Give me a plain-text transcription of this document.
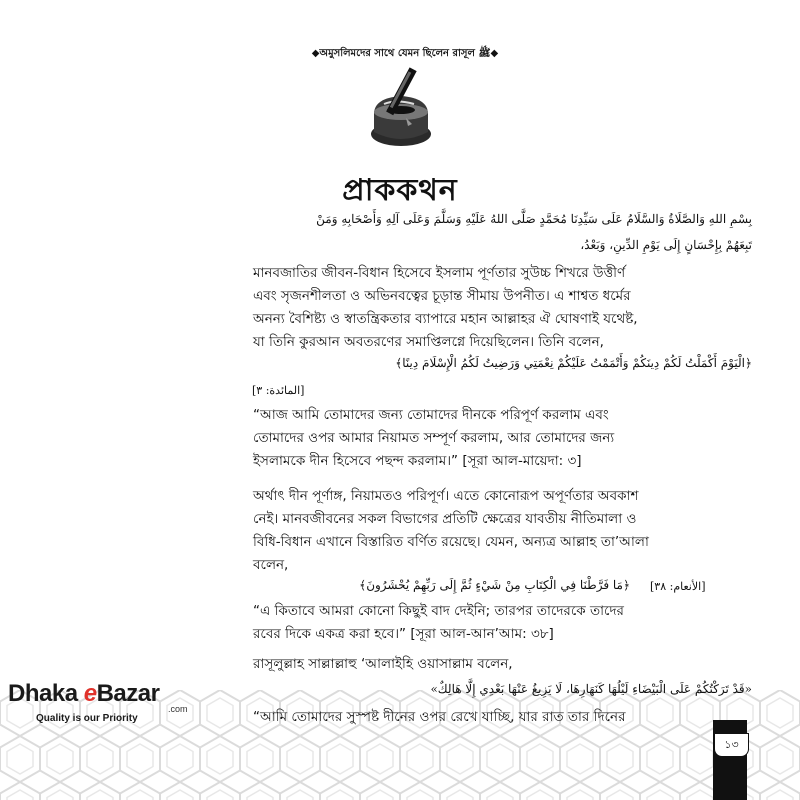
◆অমুসলিমদের সাথে যেমন ছিলেন রাসূল ﷺ◆
প্রাককথন
بِسْمِ اللهِ وَالصَّلَاةُ وَالسَّلَامُ عَلَى سَيِّدِنَا مُحَمَّدٍ صَلَّى اللهُ عَلَيْهِ وَسَلَّمَ وَعَلَى آلِهِ وَأَصْحَابِهِ وَمَنْ
تَبِعَهُمْ بِإِحْسَانٍ إِلَى يَوْمِ الدِّينِ، وَبَعْدُ،
মানবজাতির জীবন-বিধান হিসেবে ইসলাম পূর্ণতার সুউচ্চ শিখরে উত্তীর্ণ
এবং সৃজনশীলতা ও অভিনবত্বের চূড়ান্ত সীমায় উপনীত। এ শাশ্বত ধর্মের
অনন্য বৈশিষ্ট্য ও স্বাতন্ত্রিকতার ব্যাপারে মহান আল্লাহর ঐ ঘোষণাই যথেষ্ট,
যা তিনি কুরআন অবতরণের সমাপ্তিলগ্নে দিয়েছিলেন। তিনি বলেন,
﴿الْيَوْمَ أَكْمَلْتُ لَكُمْ دِينَكُمْ وَأَتْمَمْتُ عَلَيْكُمْ نِعْمَتِي وَرَضِيتُ لَكُمُ الْإِسْلَامَ دِينًا﴾
[المائدة: ٣]
“আজ আমি তোমাদের জন্য তোমাদের দীনকে পরিপূর্ণ করলাম এবং
তোমাদের ওপর আমার নিয়ামত সম্পূর্ণ করলাম, আর তোমাদের জন্য
ইসলামকে দীন হিসেবে পছন্দ করলাম।” [সূরা আল-মায়েদা: ৩]
অর্থাৎ দীন পূর্ণাঙ্গ, নিয়ামতও পরিপূর্ণ। এতে কোনোরূপ অপূর্ণতার অবকাশ
নেই। মানবজীবনের সকল বিভাগের প্রতিটি ক্ষেত্রের যাবতীয় নীতিমালা ও
বিধি-বিধান এখানে বিস্তারিত বর্ণিত রয়েছে। যেমন, অন্যত্র আল্লাহ তা’আলা
বলেন,
﴿مَا فَرَّطْنَا فِي الْكِتَابِ مِنْ شَيْءٍ ثُمَّ إِلَى رَبِّهِمْ يُحْشَرُونَ﴾ [الأنعام: ٣٨]
“এ কিতাবে আমরা কোনো কিছুই বাদ দেইনি; তারপর তাদেরকে তাদের
রবের দিকে একত্র করা হবে।” [সূরা আল-আন’আম: ৩৮]
রাসূলুল্লাহ সাল্লাল্লাহু ‘আলাইহি ওয়াসাল্লাম বলেন,
«قَدْ تَرَكْتُكُمْ عَلَى الْبَيْضَاءِ لَيْلُهَا كَنَهَارِهَا، لَا يَزِيغُ عَنْهَا بَعْدِي إِلَّا هَالِكٌ»
“আমি তোমাদের সুস্পষ্ট দীনের ওপর রেখে যাচ্ছি, যার রাত তার দিনের
১৩
Dhaka eBazar
.com
Quality is our Priority
